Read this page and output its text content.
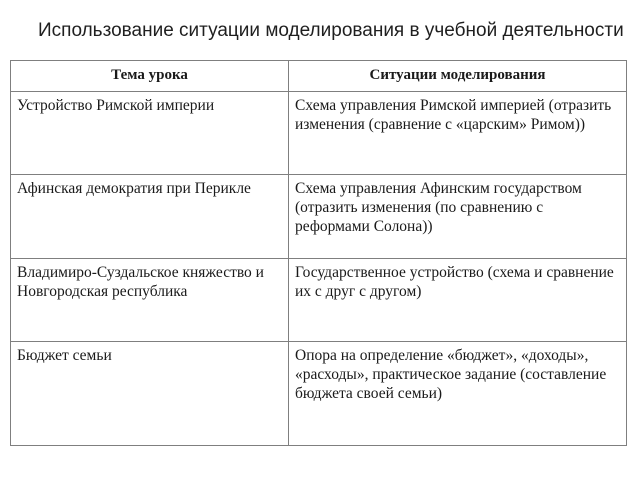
Использование ситуации моделирования в учебной деятельности
Тема урока	Ситуации моделирования
Устройство Римской империи	Схема управления Римской империей (отразить изменения (сравнение с «царским» Римом))
Афинская демократия при Перикле	Схема управления Афинским государством (отразить изменения (по сравнению с реформами Солона))
Владимиро-Суздальское княжество и Новгородская республика	Государственное устройство (схема и сравнение их с друг с другом)
Бюджет семьи	Опора на определение «бюджет», «доходы», «расходы», практическое задание (составление бюджета своей семьи)
